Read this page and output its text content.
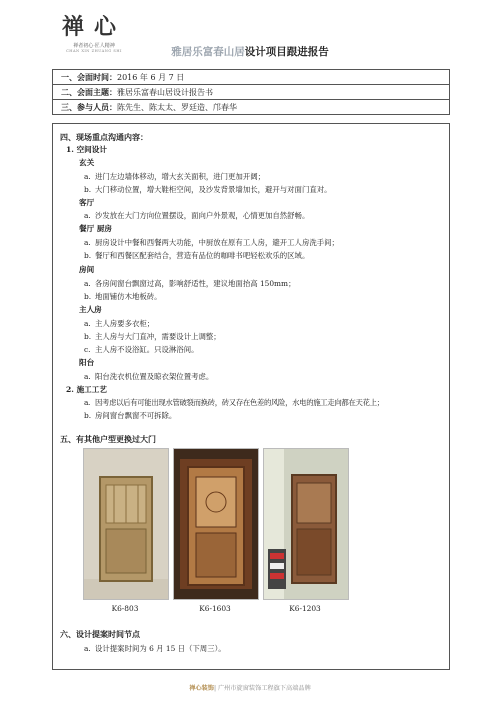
禅心
禅者初心·匠人精神
CHAN XIN ZHUANG SHI	雅居乐富春山居设计项目跟进报告
一、会面时间：2016 年 6 月 7 日
二、会面主题：雅居乐富春山居设计报告书
三、参与人员：陈先生、陈太太、罗廷造、邝春华
四、现场重点沟通内容：
1. 空间设计
玄关
a. 进门左边墙体移动，增大玄关面积，进门更加开阔；
b. 大门移动位置，增大鞋柜空间，及沙发背景墙加长，避开与对面门直对。
客厅
a. 沙发放在大门方向位置摆设，面向户外景观，心情更加自然舒畅。
餐厅 厨房
a. 厨房设计中餐和西餐两大功能，中厨放在原有工人房，避开工人房洗手间；
b. 餐厅和西餐区配套结合，营造有品位的咖啡书吧轻松欢乐的区域。
房间
a. 各房间窗台飘窗过高，影响舒适性，建议地面抬高 150mm；
b. 地面铺仿木地板砖。
主人房
a. 主人房要多衣柜；
b. 主人房与大门直冲，需要设计上调整；
c. 主人房不设浴缸。只设淋浴间。
阳台
a. 阳台洗衣机位置及晾衣架位置考虑。
2. 施工工艺
a. 因考虑以后有可能出现水管破裂而换砖，砖又存在色差的风险，水电的施工走向都在天花上；
b. 房间窗台飘窗不可拆除。
五、有其他户型更换过大门
K6-803	K6-1603	K6-1203
六、设计提案时间节点
a. 设计提案时间为 6 月 15 日（下周三）。
禅心装饰| 广州市旋窗装饰工程旗下高端品牌
